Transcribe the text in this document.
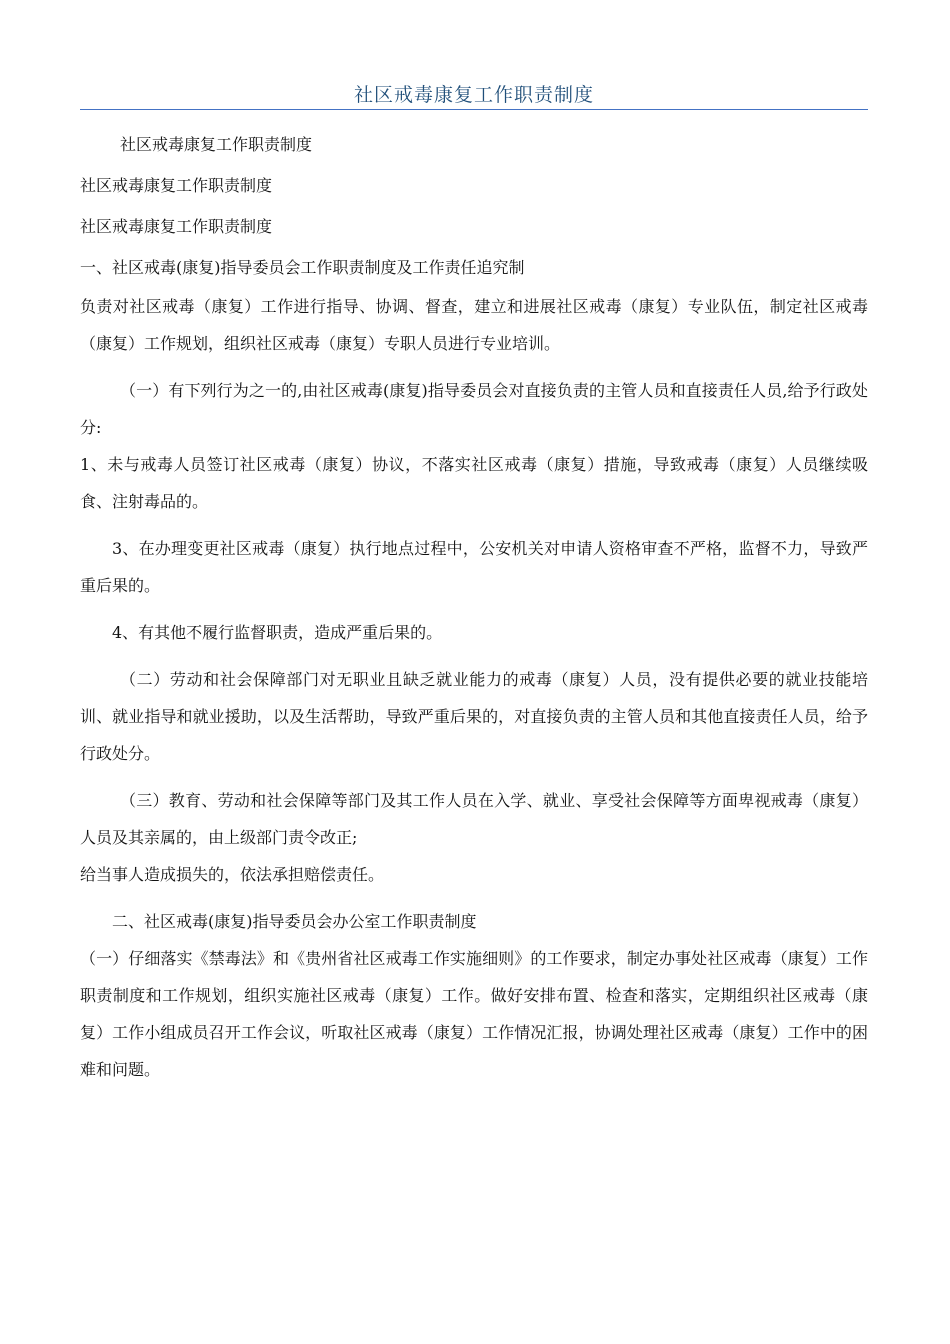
社区戒毒康复工作职责制度

社区戒毒康复工作职责制度

社区戒毒康复工作职责制度

社区戒毒康复工作职责制度

一、社区戒毒(康复)指导委员会工作职责制度及工作责任追究制

负责对社区戒毒（康复）工作进行指导、协调、督查，建立和进展社区戒毒（康复）专业队伍，制定社区戒毒（康复）工作规划，组织社区戒毒（康复）专职人员进行专业培训。

（一）有下列行为之一的,由社区戒毒(康复)指导委员会对直接负责的主管人员和直接责任人员,给予行政处分:

1、未与戒毒人员签订社区戒毒（康复）协议，不落实社区戒毒（康复）措施，导致戒毒（康复）人员继续吸食、注射毒品的。

3、在办理变更社区戒毒（康复）执行地点过程中，公安机关对申请人资格审查不严格，监督不力，导致严重后果的。

4、有其他不履行监督职责，造成严重后果的。

（二）劳动和社会保障部门对无职业且缺乏就业能力的戒毒（康复）人员，没有提供必要的就业技能培训、就业指导和就业援助，以及生活帮助，导致严重后果的，对直接负责的主管人员和其他直接责任人员，给予行政处分。

（三）教育、劳动和社会保障等部门及其工作人员在入学、就业、享受社会保障等方面卑视戒毒（康复）人员及其亲属的，由上级部门责令改正;

给当事人造成损失的，依法承担赔偿责任。

二、社区戒毒(康复)指导委员会办公室工作职责制度

（一）仔细落实《禁毒法》和《贵州省社区戒毒工作实施细则》的工作要求，制定办事处社区戒毒（康复）工作职责制度和工作规划，组织实施社区戒毒（康复）工作。做好安排布置、检查和落实，定期组织社区戒毒（康复）工作小组成员召开工作会议，听取社区戒毒（康复）工作情况汇报，协调处理社区戒毒（康复）工作中的困难和问题。
